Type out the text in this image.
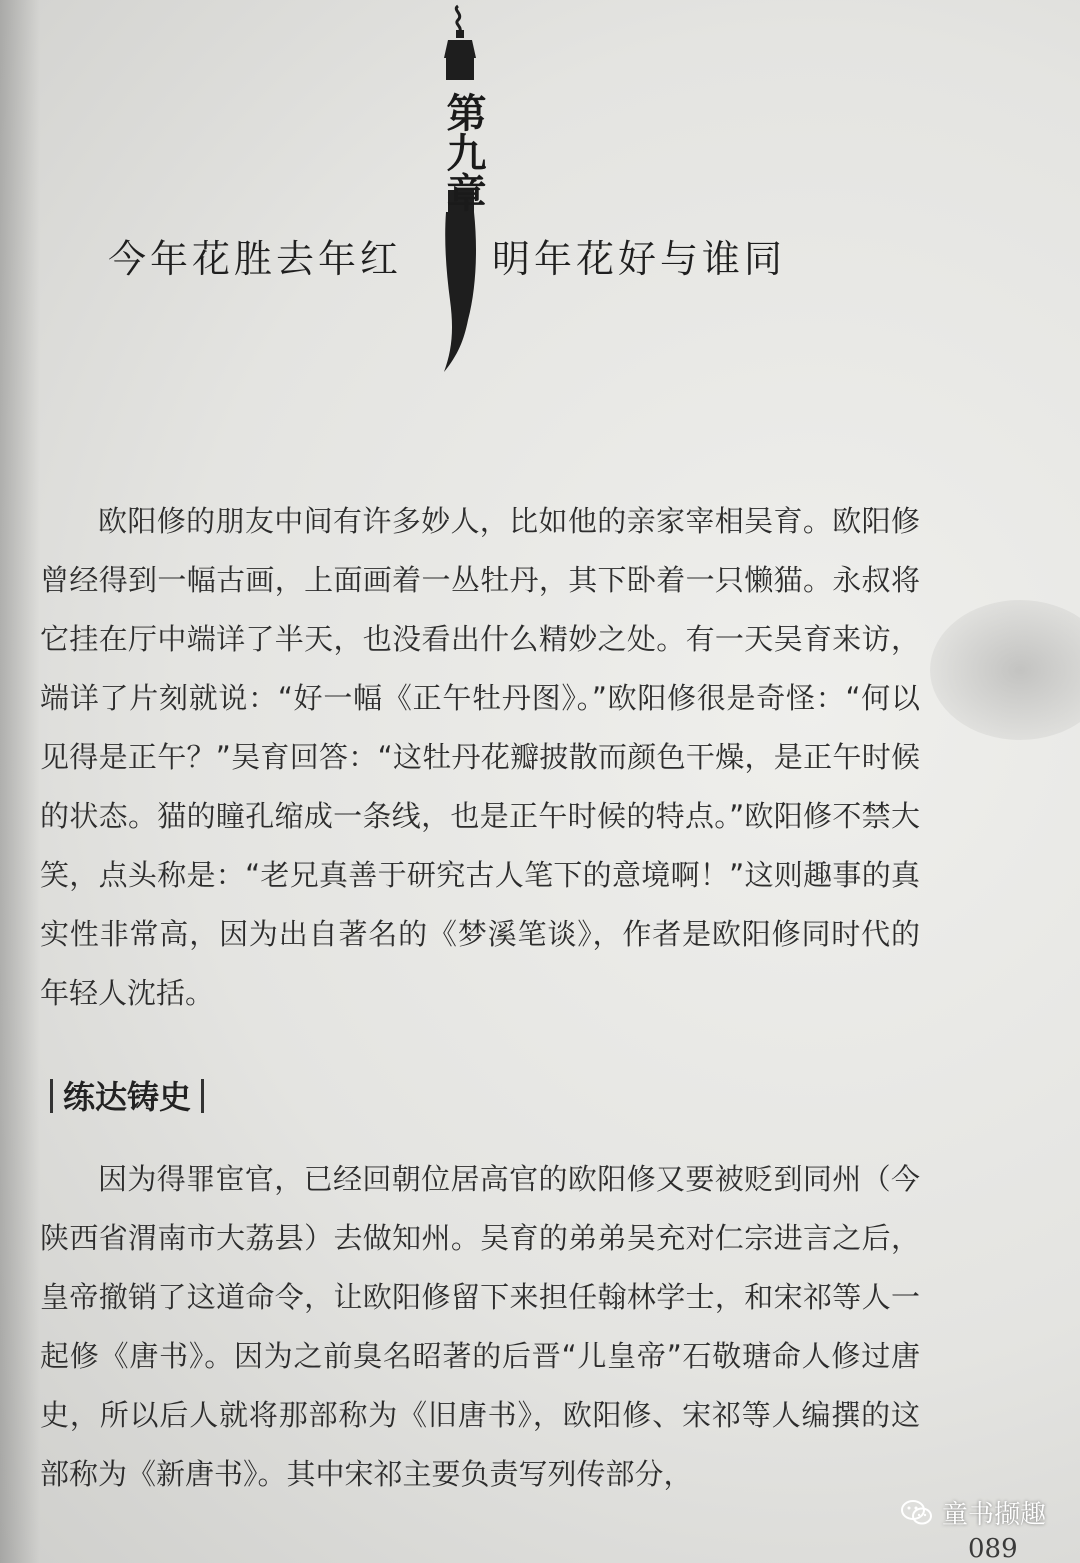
第九章
今年花胜去年红 明年花好与谁同

欧阳修的朋友中间有许多妙人，比如他的亲家宰相吴育。欧阳修曾经得到一幅古画，上面画着一丛牡丹，其下卧着一只懒猫。永叔将它挂在厅中端详了半天，也没看出什么精妙之处。有一天吴育来访，端详了片刻就说：“好一幅《正午牡丹图》。”欧阳修很是奇怪：“何以见得是正午？”吴育回答：“这牡丹花瓣披散而颜色干燥，是正午时候的状态。猫的瞳孔缩成一条线，也是正午时候的特点。”欧阳修不禁大笑，点头称是：“老兄真善于研究古人笔下的意境啊！”这则趣事的真实性非常高，因为出自著名的《梦溪笔谈》，作者是欧阳修同时代的年轻人沈括。

练达铸史

因为得罪宦官，已经回朝位居高官的欧阳修又要被贬到同州（今陕西省渭南市大荔县）去做知州。吴育的弟弟吴充对仁宗进言之后，皇帝撤销了这道命令，让欧阳修留下来担任翰林学士，和宋祁等人一起修《唐书》。因为之前臭名昭著的后晋“儿皇帝”石敬瑭命人修过唐史，所以后人就将那部称为《旧唐书》，欧阳修、宋祁等人编撰的这部称为《新唐书》。其中宋祁主要负责写列传部分，

童书撷趣
089
